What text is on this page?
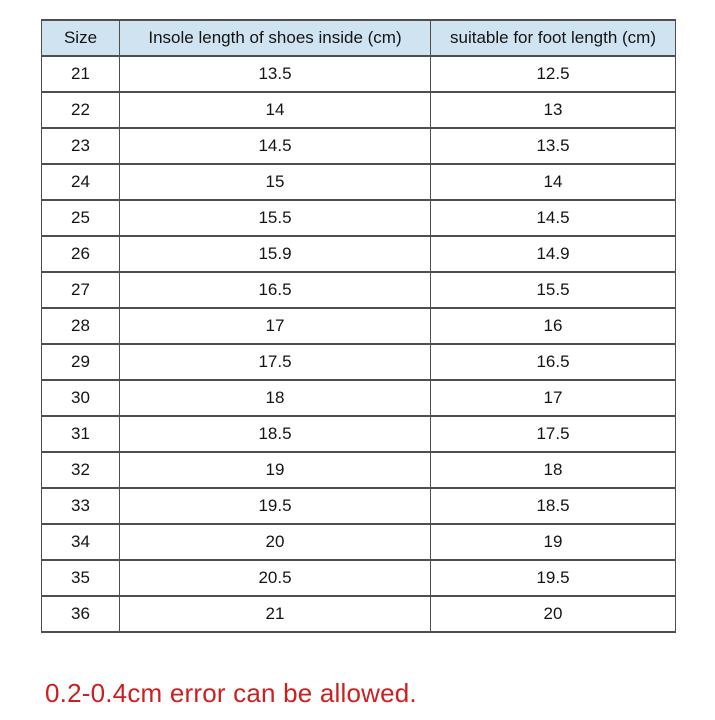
Size	Insole length of shoes inside (cm)	suitable for foot length (cm)
21	13.5	12.5
22	14	13
23	14.5	13.5
24	15	14
25	15.5	14.5
26	15.9	14.9
27	16.5	15.5
28	17	16
29	17.5	16.5
30	18	17
31	18.5	17.5
32	19	18
33	19.5	18.5
34	20	19
35	20.5	19.5
36	21	20
0.2-0.4cm error can be allowed.
